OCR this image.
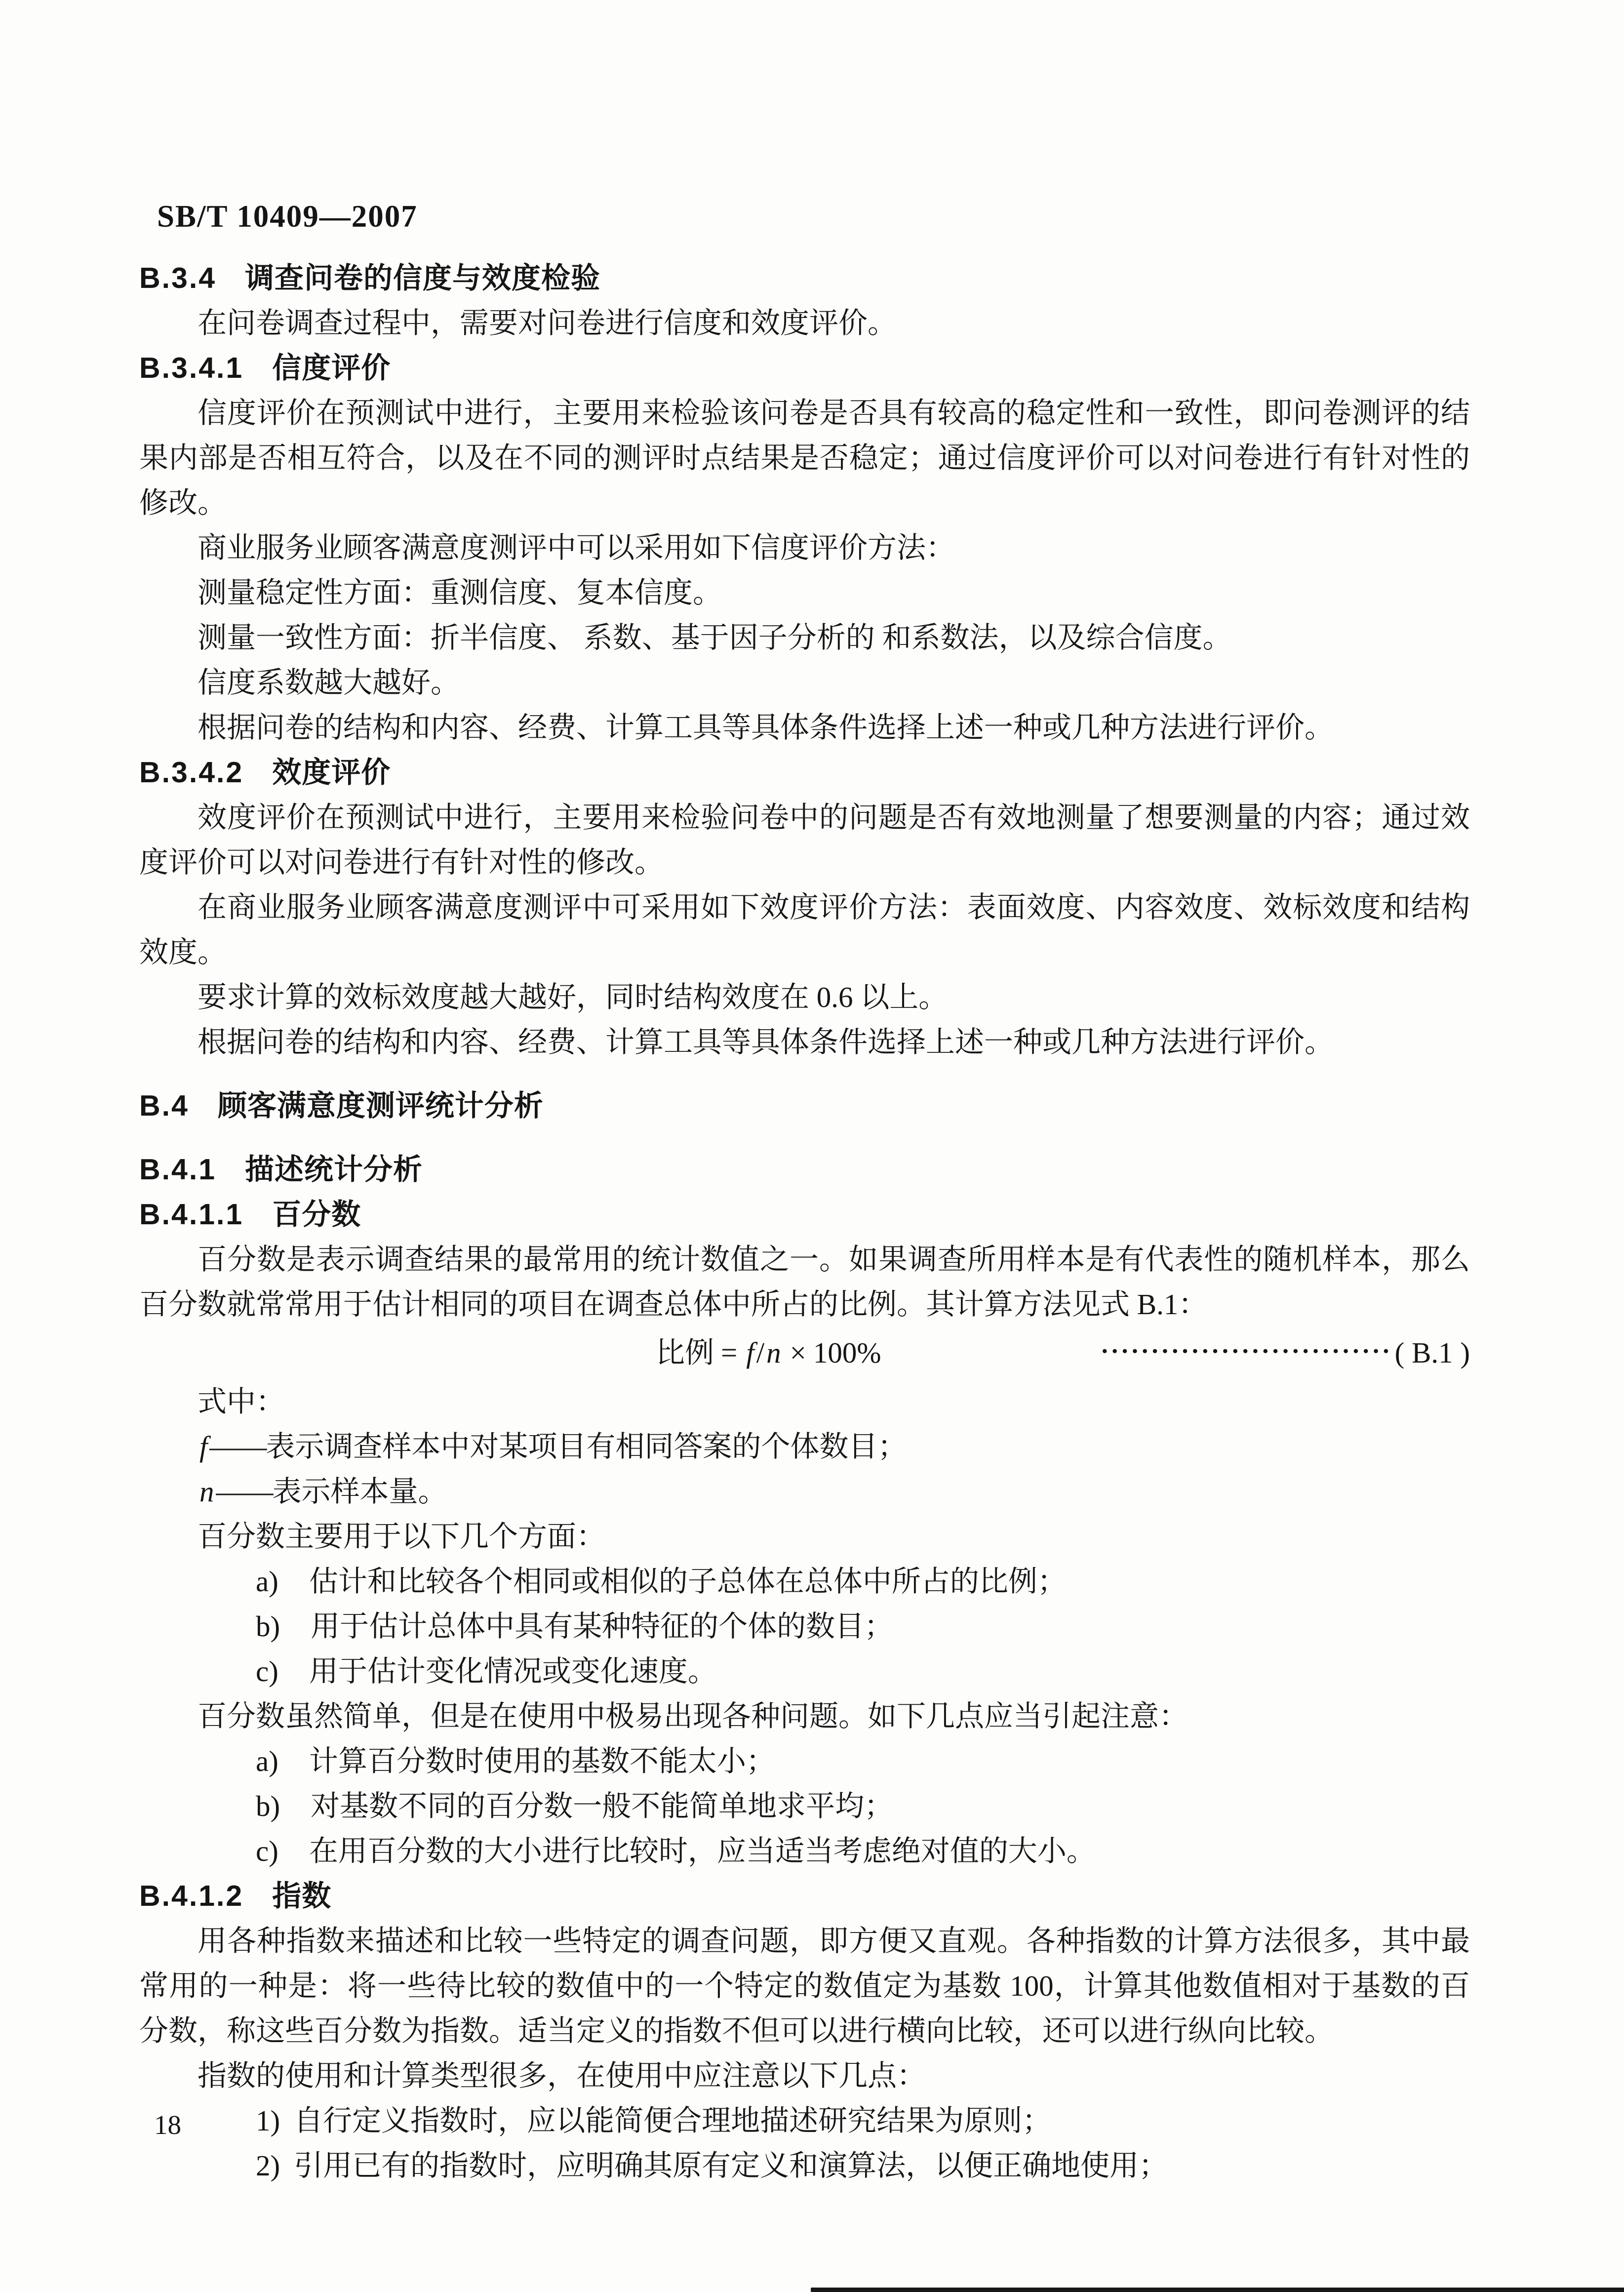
SB/T 10409—2007
B.3.4 调查问卷的信度与效度检验
在问卷调查过程中，需要对问卷进行信度和效度评价。
B.3.4.1 信度评价
信度评价在预测试中进行，主要用来检验该问卷是否具有较高的稳定性和一致性，即问卷测评的结果内部是否相互符合，以及在不同的测评时点结果是否稳定；通过信度评价可以对问卷进行有针对性的修改。
商业服务业顾客满意度测评中可以采用如下信度评价方法：
测量稳定性方面：重测信度、复本信度。
测量一致性方面：折半信度、 系数、基于因子分析的 和系数法，以及综合信度。
信度系数越大越好。
根据问卷的结构和内容、经费、计算工具等具体条件选择上述一种或几种方法进行评价。
B.3.4.2 效度评价
效度评价在预测试中进行，主要用来检验问卷中的问题是否有效地测量了想要测量的内容；通过效度评价可以对问卷进行有针对性的修改。
在商业服务业顾客满意度测评中可采用如下效度评价方法：表面效度、内容效度、效标效度和结构效度。
要求计算的效标效度越大越好，同时结构效度在 0.6 以上。
根据问卷的结构和内容、经费、计算工具等具体条件选择上述一种或几种方法进行评价。
B.4 顾客满意度测评统计分析
B.4.1 描述统计分析
B.4.1.1 百分数
百分数是表示调查结果的最常用的统计数值之一。如果调查所用样本是有代表性的随机样本，那么百分数就常常用于估计相同的项目在调查总体中所占的比例。其计算方法见式 B.1：
比例 = f/n × 100%	····························· ( B.1 )
式中：
f——表示调查样本中对某项目有相同答案的个体数目；
n——表示样本量。
百分数主要用于以下几个方面：
a) 估计和比较各个相同或相似的子总体在总体中所占的比例；
b) 用于估计总体中具有某种特征的个体的数目；
c) 用于估计变化情况或变化速度。
百分数虽然简单，但是在使用中极易出现各种问题。如下几点应当引起注意：
a) 计算百分数时使用的基数不能太小；
b) 对基数不同的百分数一般不能简单地求平均；
c) 在用百分数的大小进行比较时，应当适当考虑绝对值的大小。
B.4.1.2 指数
用各种指数来描述和比较一些特定的调查问题，即方便又直观。各种指数的计算方法很多，其中最常用的一种是：将一些待比较的数值中的一个特定的数值定为基数 100，计算其他数值相对于基数的百分数，称这些百分数为指数。适当定义的指数不但可以进行横向比较，还可以进行纵向比较。
指数的使用和计算类型很多，在使用中应注意以下几点：
1) 自行定义指数时，应以能简便合理地描述研究结果为原则；
2) 引用已有的指数时，应明确其原有定义和演算法，以便正确地使用；
18
